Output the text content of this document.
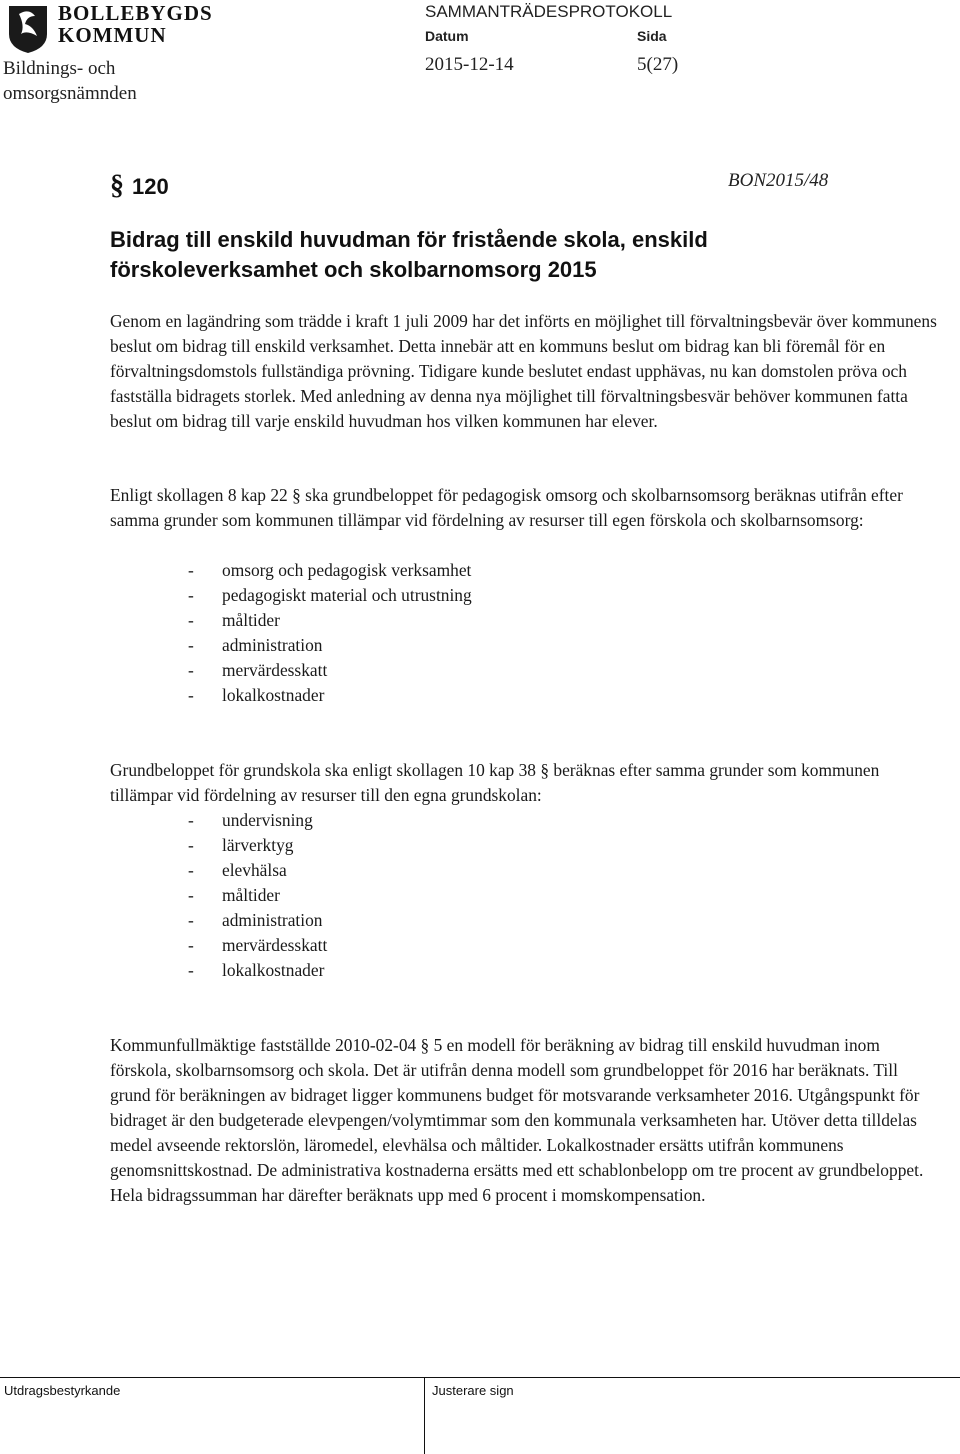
BOLLEBYGDS
KOMMUN
Bildnings- och
omsorgsnämnden
SAMMANTRÄDESPROTOKOLL
Datum	Sida
2015-12-14	5(27)
§ 120	BON2015/48
Bidrag till enskild huvudman för fristående skola, enskild förskoleverksamhet och skolbarnomsorg 2015

Genom en lagändring som trädde i kraft 1 juli 2009 har det införts en möjlighet till förvaltningsbevär över kommunens beslut om bidrag till enskild verksamhet. Detta innebär att en kommuns beslut om bidrag kan bli föremål för en förvaltningsdomstols fullständiga prövning. Tidigare kunde beslutet endast upphävas, nu kan domstolen pröva och fastställa bidragets storlek. Med anledning av denna nya möjlighet till förvaltningsbesvär behöver kommunen fatta beslut om bidrag till varje enskild huvudman hos vilken kommunen har elever.

Enligt skollagen 8 kap 22 § ska grundbeloppet för pedagogisk omsorg och skolbarnsomsorg beräknas utifrån efter samma grunder som kommunen tillämpar vid fördelning av resurser till egen förskola och skolbarnsomsorg:

- omsorg och pedagogisk verksamhet
- pedagogiskt material och utrustning
- måltider
- administration
- mervärdesskatt
- lokalkostnader

Grundbeloppet för grundskola ska enligt skollagen 10 kap 38 § beräknas efter samma grunder som kommunen tillämpar vid fördelning av resurser till den egna grundskolan:

- undervisning
- lärverktyg
- elevhälsa
- måltider
- administration
- mervärdesskatt
- lokalkostnader

Kommunfullmäktige fastställde 2010-02-04 § 5 en modell för beräkning av bidrag till enskild huvudman inom förskola, skolbarnsomsorg och skola. Det är utifrån denna modell som grundbeloppet för 2016 har beräknats. Till grund för beräkningen av bidraget ligger kommunens budget för motsvarande verksamheter 2016. Utgångspunkt för bidraget är den budgeterade elevpengen/volymtimmar som den kommunala verksamheten har. Utöver detta tilldelas medel avseende rektorslön, läromedel, elevhälsa och måltider. Lokalkostnader ersätts utifrån kommunens genomsnittskostnad. De administrativa kostnaderna ersätts med ett schablonbelopp om tre procent av grundbeloppet. Hela bidragssumman har därefter beräknats upp med 6 procent i momskompensation.

Utdragsbestyrkande	Justerare sign
